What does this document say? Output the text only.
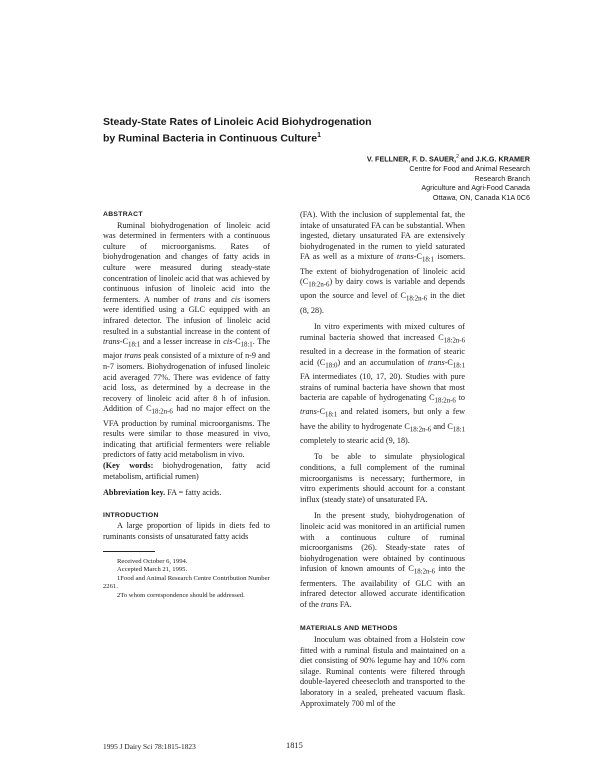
Steady-State Rates of Linoleic Acid Biohydrogenation
by Ruminal Bacteria in Continuous Culture$^1$
V. FELLNER, F. D. SAUER,$^2$ and J.K.G. KRAMER
Centre for Food and Animal Research
Research Branch
Agriculture and Agri-Food Canada
Ottawa, ON, Canada K1A 0C6

ABSTRACT

Ruminal biohydrogenation of linoleic acid was determined in fermenters with a continuous culture of microorganisms. Rates of biohydrogenation and changes of fatty acids in culture were measured during steady-state concentration of linoleic acid that was achieved by continuous infusion of linoleic acid into the fermenters. A number of trans and cis isomers were identified using a GLC equipped with an infrared detector. The infusion of linoleic acid resulted in a substantial increase in the content of trans-$C_{18:1}$ and a lesser increase in cis-$C_{18:1}$. The major trans peak consisted of a mixture of n-9 and n-7 isomers. Biohydrogenation of infused linoleic acid averaged 77%. There was evidence of fatty acid loss, as determined by a decrease in the recovery of linoleic acid after 8 h of infusion. Addition of $C_{18:2n-6}$ had no major effect on the VFA production by ruminal microorganisms. The results were similar to those measured in vivo, indicating that artificial fermenters were reliable predictors of fatty acid metabolism in vivo.

(Key words: biohydrogenation, fatty acid metabolism, artificial rumen)

Abbreviation key. FA = fatty acids.

INTRODUCTION

A large proportion of lipids in diets fed to ruminants consists of unsaturated fatty acids

Received October 6, 1994.

Accepted March 21, 1995.

1Food and Animal Research Centre Contribution Number 2261.

2To whom correspondence should be addressed.

(FA). With the inclusion of supplemental fat, the intake of unsaturated FA can be substantial. When ingested, dietary unsaturated FA are extensively biohydrogenated in the rumen to yield saturated FA as well as a mixture of trans-$C_{18:1}$ isomers. The extent of biohydrogenation of linoleic acid $(C_{18:2n-6})$ by dairy cows is variable and depends upon the source and level of $C_{18:2n-6}$ in the diet (8, 28).

In vitro experiments with mixed cultures of ruminal bacteria showed that increased $C_{18:2n-6}$ resulted in a decrease in the formation of stearic acid $(C_{18:0})$ and an accumulation of trans-$C_{18:1}$ FA intermediates (10, 17, 20). Studies with pure strains of ruminal bacteria have shown that most bacteria are capable of hydrogenating $C_{18:2n-6}$ to trans-$C_{18:1}$ and related isomers, but only a few have the ability to hydrogenate $C_{18:2n-6}$ and $C_{18:1}$ completely to stearic acid (9, 18).

To be able to simulate physiological conditions, a full complement of the ruminal microorganisms is necessary; furthermore, in vitro experiments should account for a constant influx (steady state) of unsaturated FA.

In the present study, biohydrogenation of linoleic acid was monitored in an artificial rumen with a continuous culture of ruminal microorganisms (26). Steady-state rates of biohydrogenation were obtained by continuous infusion of known amounts of $C_{18:2n-6}$ into the fermenters. The availability of GLC with an infrared detector allowed accurate identification of the trans FA.

MATERIALS AND METHODS

Inoculum was obtained from a Holstein cow fitted with a ruminal fistula and maintained on a diet consisting of 90% legume hay and 10% corn silage. Ruminal contents were filtered through double-layered cheesecloth and transported to the laboratory in a sealed, preheated vacuum flask. Approximately 700 ml of the

1995 J Dairy Sci 78:1815-1823	1815
